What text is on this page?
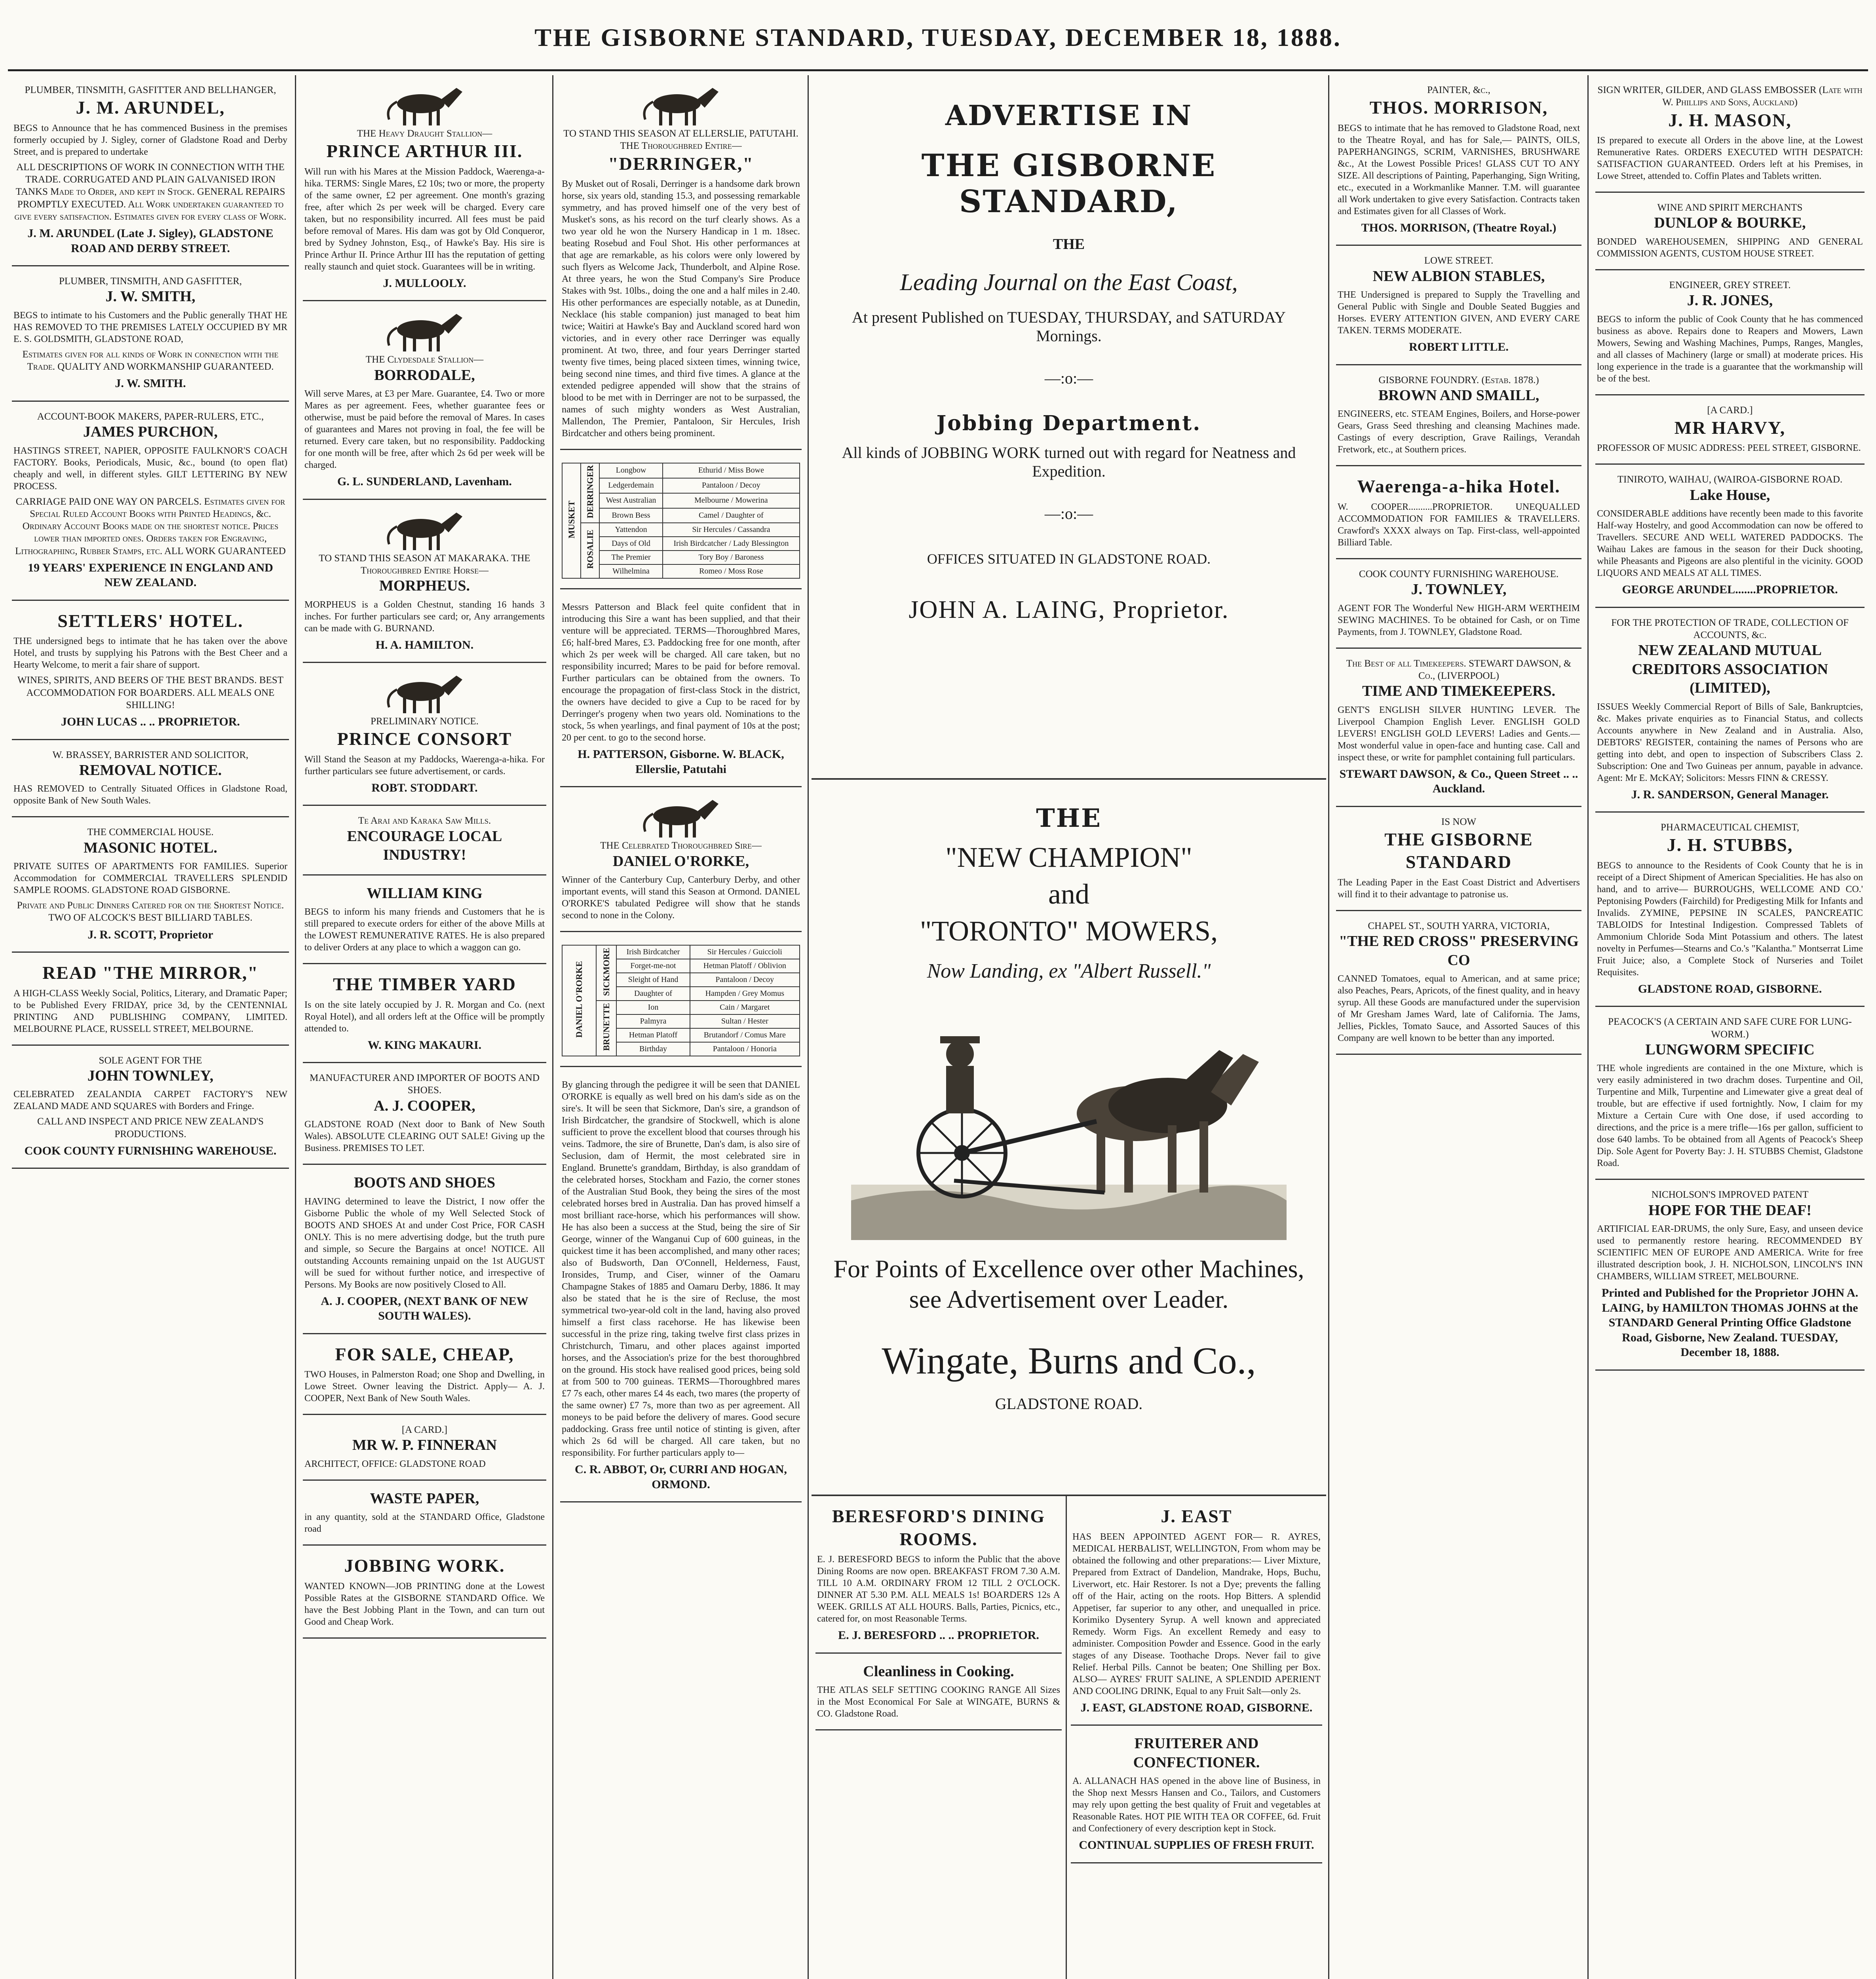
THE GISBORNE STANDARD, TUESDAY, DECEMBER 18, 1888.
PLUMBER, TINSMITH, GASFITTER AND BELLHANGER,
J. M. ARUNDEL,

BEGS to Announce that he has commenced Business in the premises formerly occupied by J. Sigley, corner of Gladstone Road and Derby Street, and is prepared to undertake

ALL DESCRIPTIONS OF WORK IN CONNECTION WITH THE TRADE. CORRUGATED AND PLAIN GALVANISED IRON TANKS Made to Order, and kept in Stock. GENERAL REPAIRS PROMPTLY EXECUTED. All Work undertaken guaranteed to give every satisfaction. Estimates given for every class of Work.

J. M. ARUNDEL (Late J. Sigley), GLADSTONE ROAD AND DERBY STREET.

PLUMBER, TINSMITH, AND GASFITTER,
J. W. SMITH,

BEGS to intimate to his Customers and the Public generally THAT HE HAS REMOVED TO THE PREMISES LATELY OCCUPIED BY MR E. S. GOLDSMITH, GLADSTONE ROAD,

Estimates given for all kinds of Work in connection with the Trade. QUALITY AND WORKMANSHIP GUARANTEED.

J. W. SMITH.

ACCOUNT-BOOK MAKERS, PAPER-RULERS, ETC.,
JAMES PURCHON,

HASTINGS STREET, NAPIER, OPPOSITE FAULKNOR'S COACH FACTORY. Books, Periodicals, Music, &c., bound (to open flat) cheaply and well, in different styles. GILT LETTERING BY NEW PROCESS.

CARRIAGE PAID ONE WAY ON PARCELS. Estimates given for Special Ruled Account Books with Printed Headings, &c. Ordinary Account Books made on the shortest notice. Prices lower than imported ones. Orders taken for Engraving, Lithographing, Rubber Stamps, etc. ALL WORK GUARANTEED

19 YEARS' EXPERIENCE IN ENGLAND AND NEW ZEALAND.

SETTLERS' HOTEL.

THE undersigned begs to intimate that he has taken over the above Hotel, and trusts by supplying his Patrons with the Best Cheer and a Hearty Welcome, to merit a fair share of support.

WINES, SPIRITS, AND BEERS OF THE BEST BRANDS. BEST ACCOMMODATION FOR BOARDERS. ALL MEALS ONE SHILLING!

JOHN LUCAS .. .. PROPRIETOR.

W. BRASSEY, BARRISTER AND SOLICITOR,
REMOVAL NOTICE.

HAS REMOVED to Centrally Situated Offices in Gladstone Road, opposite Bank of New South Wales.

THE COMMERCIAL HOUSE.
MASONIC HOTEL.

PRIVATE SUITES OF APARTMENTS FOR FAMILIES. Superior Accommodation for COMMERCIAL TRAVELLERS SPLENDID SAMPLE ROOMS. GLADSTONE ROAD GISBORNE.

Private and Public Dinners Catered for on the Shortest Notice. TWO OF ALCOCK'S BEST BILLIARD TABLES.

J. R. SCOTT, Proprietor

READ "THE MIRROR,"

A HIGH-CLASS Weekly Social, Politics, Literary, and Dramatic Paper; to be Published Every FRIDAY, price 3d, by the CENTENNIAL PRINTING AND PUBLISHING COMPANY, LIMITED. MELBOURNE PLACE, RUSSELL STREET, MELBOURNE.

SOLE AGENT FOR THE
JOHN TOWNLEY,

CELEBRATED ZEALANDIA CARPET FACTORY'S NEW ZEALAND MADE AND SQUARES with Borders and Fringe.

CALL AND INSPECT AND PRICE NEW ZEALAND'S PRODUCTIONS.

COOK COUNTY FURNISHING WAREHOUSE.

THE Heavy Draught Stallion—
PRINCE ARTHUR III.

Will run with his Mares at the Mission Paddock, Waerenga-a-hika. TERMS: Single Mares, £2 10s; two or more, the property of the same owner, £2 per agreement. One month's grazing free, after which 2s per week will be charged. Every care taken, but no responsibility incurred. All fees must be paid before removal of Mares. His dam was got by Old Conqueror, bred by Sydney Johnston, Esq., of Hawke's Bay. His sire is Prince Arthur II. Prince Arthur III has the reputation of getting really staunch and quiet stock. Guarantees will be in writing.

J. MULLOOLY.

THE Clydesdale Stallion—
BORRODALE,

Will serve Mares, at £3 per Mare. Guarantee, £4. Two or more Mares as per agreement. Fees, whether guarantee fees or otherwise, must be paid before the removal of Mares. In cases of guarantees and Mares not proving in foal, the fee will be returned. Every care taken, but no responsibility. Paddocking for one month will be free, after which 2s 6d per week will be charged.

G. L. SUNDERLAND, Lavenham.

TO STAND THIS SEASON AT MAKARAKA. THE Thoroughbred Entire Horse—
MORPHEUS.

MORPHEUS is a Golden Chestnut, standing 16 hands 3 inches. For further particulars see card; or, Any arrangements can be made with G. BURNAND.

H. A. HAMILTON.

PRELIMINARY NOTICE.
PRINCE CONSORT

Will Stand the Season at my Paddocks, Waerenga-a-hika. For further particulars see future advertisement, or cards.

ROBT. STODDART.

Te Arai and Karaka Saw Mills.
ENCOURAGE LOCAL INDUSTRY!
WILLIAM KING

BEGS to inform his many friends and Customers that he is still prepared to execute orders for either of the above Mills at the LOWEST REMUNERATIVE RATES. He is also prepared to deliver Orders at any place to which a waggon can go.

THE TIMBER YARD

Is on the site lately occupied by J. R. Morgan and Co. (next Royal Hotel), and all orders left at the Office will be promptly attended to.

W. KING MAKAURI.

MANUFACTURER AND IMPORTER OF BOOTS AND SHOES.
A. J. COOPER,

GLADSTONE ROAD (Next door to Bank of New South Wales). ABSOLUTE CLEARING OUT SALE! Giving up the Business. PREMISES TO LET.

BOOTS AND SHOES

HAVING determined to leave the District, I now offer the Gisborne Public the whole of my Well Selected Stock of BOOTS AND SHOES At and under Cost Price, FOR CASH ONLY. This is no mere advertising dodge, but the truth pure and simple, so Secure the Bargains at once! NOTICE. All outstanding Accounts remaining unpaid on the 1st AUGUST will be sued for without further notice, and irrespective of Persons. My Books are now positively Closed to All.

A. J. COOPER, (NEXT BANK OF NEW SOUTH WALES).

FOR SALE, CHEAP,

TWO Houses, in Palmerston Road; one Shop and Dwelling, in Lowe Street. Owner leaving the District. Apply— A. J. COOPER, Next Bank of New South Wales.

[A CARD.]
MR W. P. FINNERAN

ARCHITECT, OFFICE: GLADSTONE ROAD

WASTE PAPER,

in any quantity, sold at the STANDARD Office, Gladstone road

JOBBING WORK.

WANTED KNOWN—JOB PRINTING done at the Lowest Possible Rates at the GISBORNE STANDARD Office. We have the Best Jobbing Plant in the Town, and can turn out Good and Cheap Work.

TO STAND THIS SEASON AT ELLERSLIE, PATUTAHI. THE Thoroughbred Entire—
"DERRINGER,"

By Musket out of Rosali, Derringer is a handsome dark brown horse, six years old, standing 15.3, and possessing remarkable symmetry, and has proved himself one of the very best of Musket's sons, as his record on the turf clearly shows. As a two year old he won the Nursery Handicap in 1 m. 18sec. beating Rosebud and Foul Shot. His other performances at that age are remarkable, as his colors were only lowered by such flyers as Welcome Jack, Thunderbolt, and Alpine Rose. At three years, he won the Stud Company's Sire Produce Stakes with 9st. 10lbs., doing the one and a half miles in 2.40. His other performances are especially notable, as at Dunedin, Necklace (his stable companion) just managed to beat him twice; Waitiri at Hawke's Bay and Auckland scored hard won victories, and in every other race Derringer was equally prominent. At two, three, and four years Derringer started twenty five times, being placed sixteen times, winning twice, being second nine times, and third five times. A glance at the extended pedigree appended will show that the strains of blood to be met with in Derringer are not to be surpassed, the names of such mighty wonders as West Australian, Mallendon, The Premier, Pantaloon, Sir Hercules, Irish Birdcatcher and others being prominent.

MUSKET	DERRINGER	Longbow	Ethurid / Miss Bowe
		Ledgerdemain	Pantaloon / Decoy
		West Australian	Melbourne / Mowerina
		Brown Bess	Camel / Daughter of
	ROSALIE	Yattendon	Sir Hercules / Cassandra
		Days of Old	Irish Birdcatcher / Lady Blessington
		The Premier	Tory Boy / Baroness
		Wilhelmina	Romeo / Moss Rose

Messrs Patterson and Black feel quite confident that in introducing this Sire a want has been supplied, and that their venture will be appreciated. TERMS—Thoroughbred Mares, £6; half-bred Mares, £3. Paddocking free for one month, after which 2s per week will be charged. All care taken, but no responsibility incurred; Mares to be paid for before removal. Further particulars can be obtained from the owners. To encourage the propagation of first-class Stock in the district, the owners have decided to give a Cup to be raced for by Derringer's progeny when two years old. Nominations to the stock, 5s when yearlings, and final payment of 10s at the post; 20 per cent. to go to the second horse.

H. PATTERSON, Gisborne. W. BLACK, Ellerslie, Patutahi

THE Celebrated Thoroughbred Sire—
DANIEL O'RORKE,

Winner of the Canterbury Cup, Canterbury Derby, and other important events, will stand this Season at Ormond. DANIEL O'RORKE'S tabulated Pedigree will show that he stands second to none in the Colony.

DANIEL O'RORKE	SICKMORE	Irish Birdcatcher	Sir Hercules / Guiccioli
		Forget-me-not	Hetman Platoff / Oblivion
		Sleight of Hand	Pantaloon / Decoy
		Daughter of	Hampden / Grey Momus
	BRUNETTE	Ion	Cain / Margaret
		Palmyra	Sultan / Hester
		Hetman Platoff	Brutandorf / Comus Mare
		Birthday	Pantaloon / Honoria

By glancing through the pedigree it will be seen that DANIEL O'RORKE is equally as well bred on his dam's side as on the sire's. It will be seen that Sickmore, Dan's sire, a grandson of Irish Birdcatcher, the grandsire of Stockwell, which is alone sufficient to prove the excellent blood that courses through his veins. Tadmore, the sire of Brunette, Dan's dam, is also sire of Seclusion, dam of Hermit, the most celebrated sire in England. Brunette's granddam, Birthday, is also granddam of the celebrated horses, Stockham and Fazio, the corner stones of the Australian Stud Book, they being the sires of the most celebrated horses bred in Australia. Dan has proved himself a most brilliant race-horse, which his performances will show. He has also been a success at the Stud, being the sire of Sir George, winner of the Wanganui Cup of 600 guineas, in the quickest time it has been accomplished, and many other races; also of Budsworth, Dan O'Connell, Helderness, Faust, Ironsides, Trump, and Ciser, winner of the Oamaru Champagne Stakes of 1885 and Oamaru Derby, 1886. It may also be stated that he is the sire of Recluse, the most symmetrical two-year-old colt in the land, having also proved himself a first class racehorse. He has likewise been successful in the prize ring, taking twelve first class prizes in Christchurch, Timaru, and other places against imported horses, and the Association's prize for the best thoroughbred on the ground. His stock have realised good prices, being sold at from 500 to 700 guineas. TERMS—Thoroughbred mares £7 7s each, other mares £4 4s each, two mares (the property of the same owner) £7 7s, more than two as per agreement. All moneys to be paid before the delivery of mares. Good secure paddocking. Grass free until notice of stinting is given, after which 2s 6d will be charged. All care taken, but no responsibility. For further particulars apply to—

C. R. ABBOT, Or, CURRI AND HOGAN, ORMOND.

ADVERTISE IN
THE GISBORNE STANDARD,
THE
Leading Journal on the East Coast,
At present Published on TUESDAY, THURSDAY, and SATURDAY Mornings.
—:o:—
Jobbing Department.
All kinds of JOBBING WORK turned out with regard for Neatness and Expedition.
—:o:—
OFFICES SITUATED IN GLADSTONE ROAD.
JOHN A. LAING, Proprietor.
THE
"NEW CHAMPION"
and
"TORONTO" MOWERS,
Now Landing, ex "Albert Russell."
For Points of Excellence over other Machines, see Advertisement over Leader.
Wingate, Burns and Co.,
GLADSTONE ROAD.
BERESFORD'S DINING ROOMS.

E. J. BERESFORD BEGS to inform the Public that the above Dining Rooms are now open. BREAKFAST FROM 7.30 A.M. TILL 10 A.M. ORDINARY FROM 12 TILL 2 O'CLOCK. DINNER AT 5.30 P.M. ALL MEALS 1s! BOARDERS 12s A WEEK. GRILLS AT ALL HOURS. Balls, Parties, Picnics, etc., catered for, on most Reasonable Terms.

E. J. BERESFORD .. .. PROPRIETOR.

Cleanliness in Cooking.

THE ATLAS SELF SETTING COOKING RANGE All Sizes in the Most Economical For Sale at WINGATE, BURNS & CO. Gladstone Road.

J. EAST

HAS BEEN APPOINTED AGENT FOR— R. AYRES, MEDICAL HERBALIST, WELLINGTON, From whom may be obtained the following and other preparations:— Liver Mixture, Prepared from Extract of Dandelion, Mandrake, Hops, Buchu, Liverwort, etc. Hair Restorer. Is not a Dye; prevents the falling off of the Hair, acting on the roots. Hop Bitters. A splendid Appetiser, far superior to any other, and unequalled in price. Korimiko Dysentery Syrup. A well known and appreciated Remedy. Worm Figs. An excellent Remedy and easy to administer. Composition Powder and Essence. Good in the early stages of any Disease. Toothache Drops. Never fail to give Relief. Herbal Pills. Cannot be beaten; One Shilling per Box. ALSO— AYRES' FRUIT SALINE, A SPLENDID APERIENT AND COOLING DRINK, Equal to any Fruit Salt—only 2s.

J. EAST, GLADSTONE ROAD, GISBORNE.

FRUITERER AND CONFECTIONER.

A. ALLANACH HAS opened in the above line of Business, in the Shop next Messrs Hansen and Co., Tailors, and Customers may rely upon getting the best quality of Fruit and vegetables at Reasonable Rates. HOT PIE WITH TEA OR COFFEE, 6d. Fruit and Confectionery of every description kept in Stock.

CONTINUAL SUPPLIES OF FRESH FRUIT.

PAINTER, &c.,
THOS. MORRISON,

BEGS to intimate that he has removed to Gladstone Road, next to the Theatre Royal, and has for Sale,— PAINTS, OILS, PAPERHANGINGS, SCRIM, VARNISHES, BRUSHWARE &c., At the Lowest Possible Prices! GLASS CUT TO ANY SIZE. All descriptions of Painting, Paperhanging, Sign Writing, etc., executed in a Workmanlike Manner. T.M. will guarantee all Work undertaken to give every Satisfaction. Contracts taken and Estimates given for all Classes of Work.

THOS. MORRISON, (Theatre Royal.)

LOWE STREET.
NEW ALBION STABLES,

THE Undersigned is prepared to Supply the Travelling and General Public with Single and Double Seated Buggies and Horses. EVERY ATTENTION GIVEN, AND EVERY CARE TAKEN. TERMS MODERATE.

ROBERT LITTLE.

GISBORNE FOUNDRY. (Estab. 1878.)
BROWN AND SMAILL,

ENGINEERS, etc. STEAM Engines, Boilers, and Horse-power Gears, Grass Seed threshing and cleansing Machines made. Castings of every description, Grave Railings, Verandah Fretwork, etc., at Southern prices.

Waerenga-a-hika Hotel.

W. COOPER..........PROPRIETOR. UNEQUALLED ACCOMMODATION FOR FAMILIES & TRAVELLERS. Crawford's XXXX always on Tap. First-class, well-appointed Billiard Table.

COOK COUNTY FURNISHING WAREHOUSE.
J. TOWNLEY,

AGENT FOR The Wonderful New HIGH-ARM WERTHEIM SEWING MACHINES. To be obtained for Cash, or on Time Payments, from J. TOWNLEY, Gladstone Road.

The Best of all Timekeepers. STEWART DAWSON, & Co., (LIVERPOOL)
TIME AND TIMEKEEPERS.

GENT'S ENGLISH SILVER HUNTING LEVER. The Liverpool Champion English Lever. ENGLISH GOLD LEVERS! ENGLISH GOLD LEVERS! Ladies and Gents.—Most wonderful value in open-face and hunting case. Call and inspect these, or write for pamphlet containing full particulars.

STEWART DAWSON, & Co., Queen Street .. .. Auckland.

IS NOW
THE GISBORNE STANDARD

The Leading Paper in the East Coast District and Advertisers will find it to their advantage to patronise us.

CHAPEL ST., SOUTH YARRA, VICTORIA,
"THE RED CROSS" PRESERVING CO

CANNED Tomatoes, equal to American, and at same price; also Peaches, Pears, Apricots, of the finest quality, and in heavy syrup. All these Goods are manufactured under the supervision of Mr Gresham James Ward, late of California. The Jams, Jellies, Pickles, Tomato Sauce, and Assorted Sauces of this Company are well known to be better than any imported.

SIGN WRITER, GILDER, AND GLASS EMBOSSER (Late with W. Phillips and Sons, Auckland)
J. H. MASON,

IS prepared to execute all Orders in the above line, at the Lowest Remunerative Rates. ORDERS EXECUTED WITH DESPATCH: SATISFACTION GUARANTEED. Orders left at his Premises, in Lowe Street, attended to. Coffin Plates and Tablets written.

WINE AND SPIRIT MERCHANTS
DUNLOP & BOURKE,

BONDED WAREHOUSEMEN, SHIPPING AND GENERAL COMMISSION AGENTS, CUSTOM HOUSE STREET.

ENGINEER, GREY STREET.
J. R. JONES,

BEGS to inform the public of Cook County that he has commenced business as above. Repairs done to Reapers and Mowers, Lawn Mowers, Sewing and Washing Machines, Pumps, Ranges, Mangles, and all classes of Machinery (large or small) at moderate prices. His long experience in the trade is a guarantee that the workmanship will be of the best.

[A CARD.]
MR HARVY,

PROFESSOR OF MUSIC ADDRESS: PEEL STREET, GISBORNE.

TINIROTO, WAIHAU, (WAIROA-GISBORNE ROAD.
Lake House,

CONSIDERABLE additions have recently been made to this favorite Half-way Hostelry, and good Accommodation can now be offered to Travellers. SECURE AND WELL WATERED PADDOCKS. The Waihau Lakes are famous in the season for their Duck shooting, while Pheasants and Pigeons are also plentiful in the vicinity. GOOD LIQUORS AND MEALS AT ALL TIMES.

GEORGE ARUNDEL.......PROPRIETOR.

FOR THE PROTECTION OF TRADE, COLLECTION OF ACCOUNTS, &c.
NEW ZEALAND MUTUAL CREDITORS ASSOCIATION (LIMITED),

ISSUES Weekly Commercial Report of Bills of Sale, Bankruptcies, &c. Makes private enquiries as to Financial Status, and collects Accounts anywhere in New Zealand and in Australia. Also, DEBTORS' REGISTER, containing the names of Persons who are getting into debt, and open to inspection of Subscribers Class 2. Subscription: One and Two Guineas per annum, payable in advance. Agent: Mr E. McKAY; Solicitors: Messrs FINN & CRESSY.

J. R. SANDERSON, General Manager.

PHARMACEUTICAL CHEMIST,
J. H. STUBBS,

BEGS to announce to the Residents of Cook County that he is in receipt of a Direct Shipment of American Specialities. He has also on hand, and to arrive— BURROUGHS, WELLCOME AND CO.' Peptonising Powders (Fairchild) for Predigesting Milk for Infants and Invalids. ZYMINE, PEPSINE IN SCALES, PANCREATIC TABLOIDS for Intestinal Indigestion. Compressed Tablets of Ammonium Chloride Soda Mint Potassium and others. The latest novelty in Perfumes—Stearns and Co.'s "Kalantha." Montserrat Lime Fruit Juice; also, a Complete Stock of Nurseries and Toilet Requisites.

GLADSTONE ROAD, GISBORNE.

PEACOCK'S (A CERTAIN AND SAFE CURE FOR LUNG-WORM.)
LUNGWORM SPECIFIC

THE whole ingredients are contained in the one Mixture, which is very easily administered in two drachm doses. Turpentine and Oil, Turpentine and Milk, Turpentine and Limewater give a great deal of trouble, but are effective if used fortnightly. Now, I claim for my Mixture a Certain Cure with One dose, if used according to directions, and the price is a mere trifle—16s per gallon, sufficient to dose 640 lambs. To be obtained from all Agents of Peacock's Sheep Dip. Sole Agent for Poverty Bay: J. H. STUBBS Chemist, Gladstone Road.

NICHOLSON'S IMPROVED PATENT
HOPE FOR THE DEAF!

ARTIFICIAL EAR-DRUMS, the only Sure, Easy, and unseen device used to permanently restore hearing. RECOMMENDED BY SCIENTIFIC MEN OF EUROPE AND AMERICA. Write for free illustrated description book, J. H. NICHOLSON, LINCOLN'S INN CHAMBERS, WILLIAM STREET, MELBOURNE.

Printed and Published for the Proprietor JOHN A. LAING, by HAMILTON THOMAS JOHNS at the STANDARD General Printing Office Gladstone Road, Gisborne, New Zealand. TUESDAY, December 18, 1888.
